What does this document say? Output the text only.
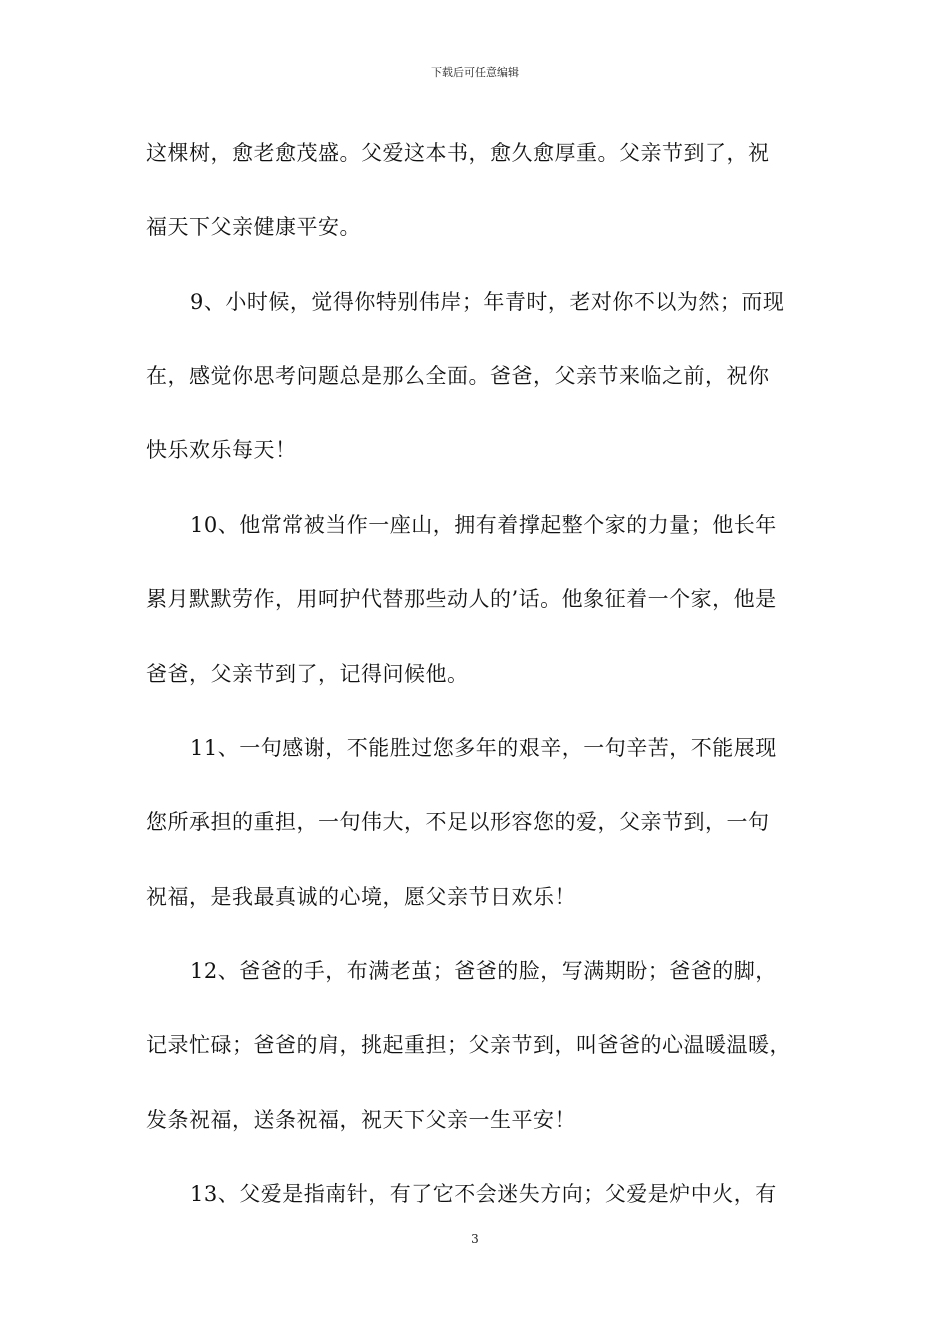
下载后可任意编辑
这棵树，愈老愈茂盛。父爱这本书，愈久愈厚重。父亲节到了，祝
福天下父亲健康平安。
9、小时候，觉得你特别伟岸；年青时，老对你不以为然；而现
在，感觉你思考问题总是那么全面。爸爸，父亲节来临之前，祝你
快乐欢乐每天！
10、他常常被当作一座山，拥有着撑起整个家的力量；他长年
累月默默劳作，用呵护代替那些动人的’话。他象征着一个家，他是
爸爸，父亲节到了，记得问候他。
11、一句感谢，不能胜过您多年的艰辛，一句辛苦，不能展现
您所承担的重担，一句伟大，不足以形容您的爱，父亲节到，一句
祝福，是我最真诚的心境，愿父亲节日欢乐！
12、爸爸的手，布满老茧；爸爸的脸，写满期盼；爸爸的脚，
记录忙碌；爸爸的肩，挑起重担；父亲节到，叫爸爸的心温暖温暖，
发条祝福，送条祝福，祝天下父亲一生平安！
13、父爱是指南针，有了它不会迷失方向；父爱是炉中火，有
3
